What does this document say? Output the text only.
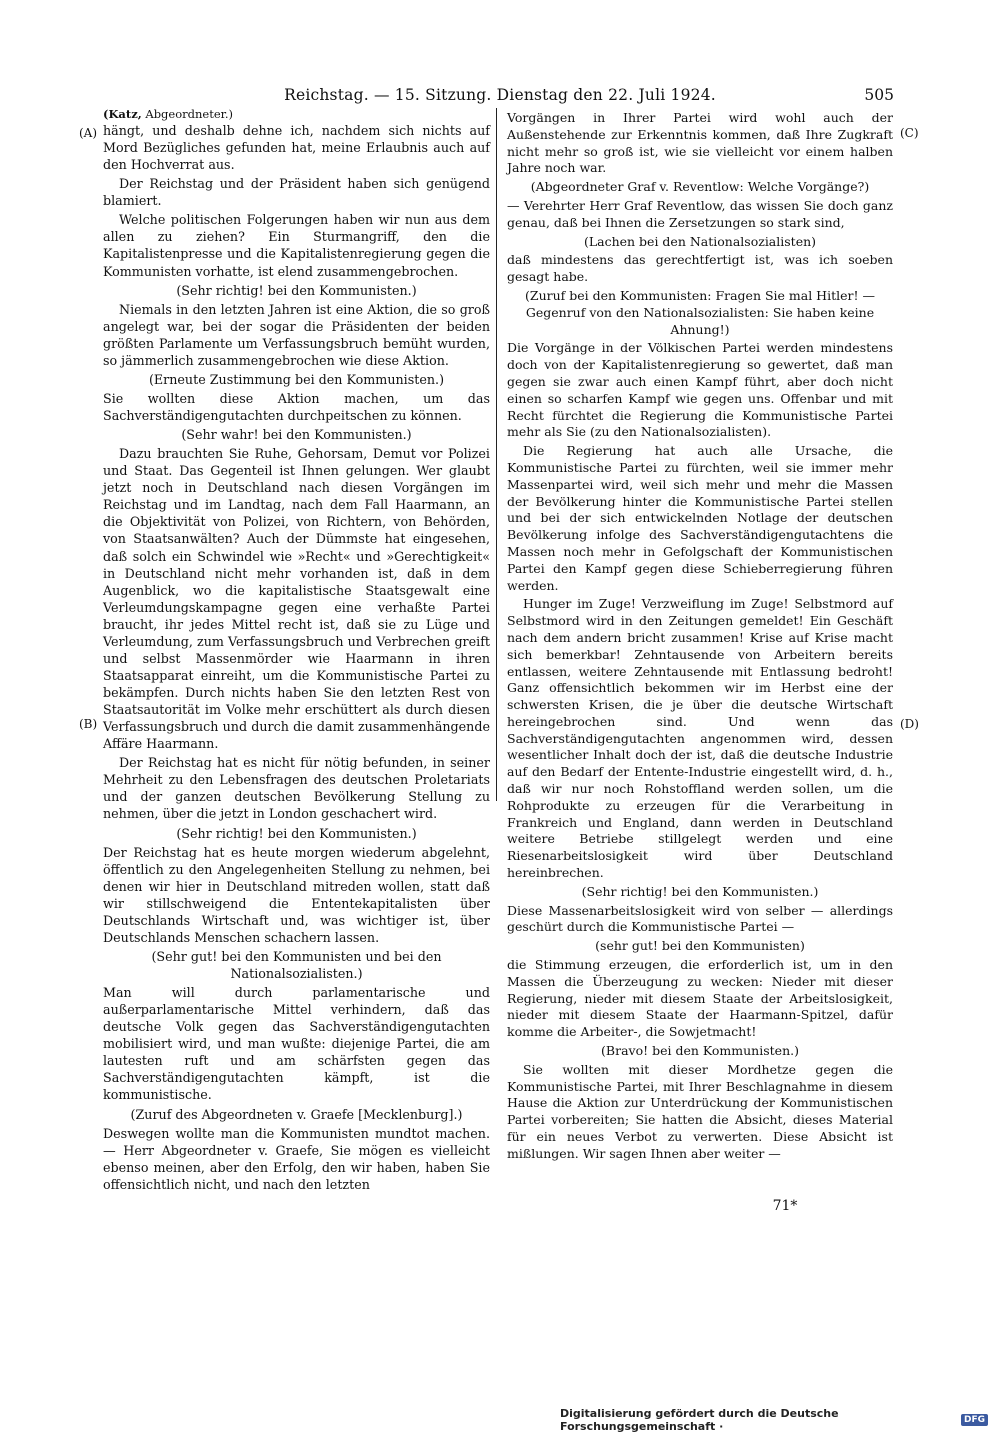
Reichstag. — 15. Sitzung. Dienstag den 22. Juli 1924.	505
(A)
(B)
(C)
(D)
(Katz, Abgeordneter.)

hängt, und deshalb dehne ich, nachdem sich nichts auf Mord Bezügliches gefunden hat, meine Erlaubnis auch auf den Hochverrat aus.

Der Reichstag und der Präsident haben sich genügend blamiert.

Welche politischen Folgerungen haben wir nun aus dem allen zu ziehen? Ein Sturmangriff, den die Kapitalistenpresse und die Kapitalistenregierung gegen die Kommunisten vorhatte, ist elend zusammengebrochen.

(Sehr richtig! bei den Kommunisten.)

Niemals in den letzten Jahren ist eine Aktion, die so groß angelegt war, bei der sogar die Präsidenten der beiden größten Parlamente um Verfassungsbruch bemüht wurden, so jämmerlich zusammengebrochen wie diese Aktion.

(Erneute Zustimmung bei den Kommunisten.)

Sie wollten diese Aktion machen, um das Sachverständigengutachten durchpeitschen zu können.

(Sehr wahr! bei den Kommunisten.)

Dazu brauchten Sie Ruhe, Gehorsam, Demut vor Polizei und Staat. Das Gegenteil ist Ihnen gelungen. Wer glaubt jetzt noch in Deutschland nach diesen Vorgängen im Reichstag und im Landtag, nach dem Fall Haarmann, an die Objektivität von Polizei, von Richtern, von Behörden, von Staatsanwälten? Auch der Dümmste hat eingesehen, daß solch ein Schwindel wie »Recht« und »Gerechtigkeit« in Deutschland nicht mehr vorhanden ist, daß in dem Augenblick, wo die kapitalistische Staatsgewalt eine Verleumdungskampagne gegen eine verhaßte Partei braucht, ihr jedes Mittel recht ist, daß sie zu Lüge und Verleumdung, zum Verfassungsbruch und Verbrechen greift und selbst Massenmörder wie Haarmann in ihren Staatsapparat einreiht, um die Kommunistische Partei zu bekämpfen. Durch nichts haben Sie den letzten Rest von Staatsautorität im Volke mehr erschüttert als durch diesen Verfassungsbruch und durch die damit zusammenhängende Affäre Haarmann.

Der Reichstag hat es nicht für nötig befunden, in seiner Mehrheit zu den Lebensfragen des deutschen Proletariats und der ganzen deutschen Bevölkerung Stellung zu nehmen, über die jetzt in London geschachert wird.

(Sehr richtig! bei den Kommunisten.)

Der Reichstag hat es heute morgen wiederum abgelehnt, öffentlich zu den Angelegenheiten Stellung zu nehmen, bei denen wir hier in Deutschland mitreden wollen, statt daß wir stillschweigend die Ententekapitalisten über Deutschlands Wirtschaft und, was wichtiger ist, über Deutschlands Menschen schachern lassen.

(Sehr gut! bei den Kommunisten und bei den Nationalsozialisten.)

Man will durch parlamentarische und außerparlamentarische Mittel verhindern, daß das deutsche Volk gegen das Sachverständigengutachten mobilisiert wird, und man wußte: diejenige Partei, die am lautesten ruft und am schärfsten gegen das Sachverständigengutachten kämpft, ist die kommunistische.

(Zuruf des Abgeordneten v. Graefe [Mecklenburg].)

Deswegen wollte man die Kommunisten mundtot machen. — Herr Abgeordneter v. Graefe, Sie mögen es vielleicht ebenso meinen, aber den Erfolg, den wir haben, haben Sie offensichtlich nicht, und nach den letzten

Vorgängen in Ihrer Partei wird wohl auch der Außenstehende zur Erkenntnis kommen, daß Ihre Zugkraft nicht mehr so groß ist, wie sie vielleicht vor einem halben Jahre noch war.

(Abgeordneter Graf v. Reventlow: Welche Vorgänge?)

— Verehrter Herr Graf Reventlow, das wissen Sie doch ganz genau, daß bei Ihnen die Zersetzungen so stark sind,

(Lachen bei den Nationalsozialisten)

daß mindestens das gerechtfertigt ist, was ich soeben gesagt habe.

(Zuruf bei den Kommunisten: Fragen Sie mal Hitler! — Gegenruf von den Nationalsozialisten: Sie haben keine Ahnung!)

Die Vorgänge in der Völkischen Partei werden mindestens doch von der Kapitalistenregierung so gewertet, daß man gegen sie zwar auch einen Kampf führt, aber doch nicht einen so scharfen Kampf wie gegen uns. Offenbar und mit Recht fürchtet die Regierung die Kommunistische Partei mehr als Sie (zu den Nationalsozialisten).

Die Regierung hat auch alle Ursache, die Kommunistische Partei zu fürchten, weil sie immer mehr Massenpartei wird, weil sich mehr und mehr die Massen der Bevölkerung hinter die Kommunistische Partei stellen und bei der sich entwickelnden Notlage der deutschen Bevölkerung infolge des Sachverständigengutachtens die Massen noch mehr in Gefolgschaft der Kommunistischen Partei den Kampf gegen diese Schieberregierung führen werden.

Hunger im Zuge! Verzweiflung im Zuge! Selbstmord auf Selbstmord wird in den Zeitungen gemeldet! Ein Geschäft nach dem andern bricht zusammen! Krise auf Krise macht sich bemerkbar! Zehntausende von Arbeitern bereits entlassen, weitere Zehntausende mit Entlassung bedroht! Ganz offensichtlich bekommen wir im Herbst eine der schwersten Krisen, die je über die deutsche Wirtschaft hereingebrochen sind. Und wenn das Sachverständigengutachten angenommen wird, dessen wesentlicher Inhalt doch der ist, daß die deutsche Industrie auf den Bedarf der Entente-Industrie eingestellt wird, d. h., daß wir nur noch Rohstoffland werden sollen, um die Rohprodukte zu erzeugen für die Verarbeitung in Frankreich und England, dann werden in Deutschland weitere Betriebe stillgelegt werden und eine Riesenarbeitslosigkeit wird über Deutschland hereinbrechen.

(Sehr richtig! bei den Kommunisten.)

Diese Massenarbeitslosigkeit wird von selber — allerdings geschürt durch die Kommunistische Partei —

(sehr gut! bei den Kommunisten)

die Stimmung erzeugen, die erforderlich ist, um in den Massen die Überzeugung zu wecken: Nieder mit dieser Regierung, nieder mit diesem Staate der Arbeitslosigkeit, nieder mit diesem Staate der Haarmann-Spitzel, dafür komme die Arbeiter-, die Sowjetmacht!

(Bravo! bei den Kommunisten.)

Sie wollten mit dieser Mordhetze gegen die Kommunistische Partei, mit Ihrer Beschlagnahme in diesem Hause die Aktion zur Unterdrückung der Kommunistischen Partei vorbereiten; Sie hatten die Absicht, dieses Material für ein neues Verbot zu verwerten. Diese Absicht ist mißlungen. Wir sagen Ihnen aber weiter —

71*
Digitalisierung gefördert durch die Deutsche Forschungsgemeinschaft ·	DFG
